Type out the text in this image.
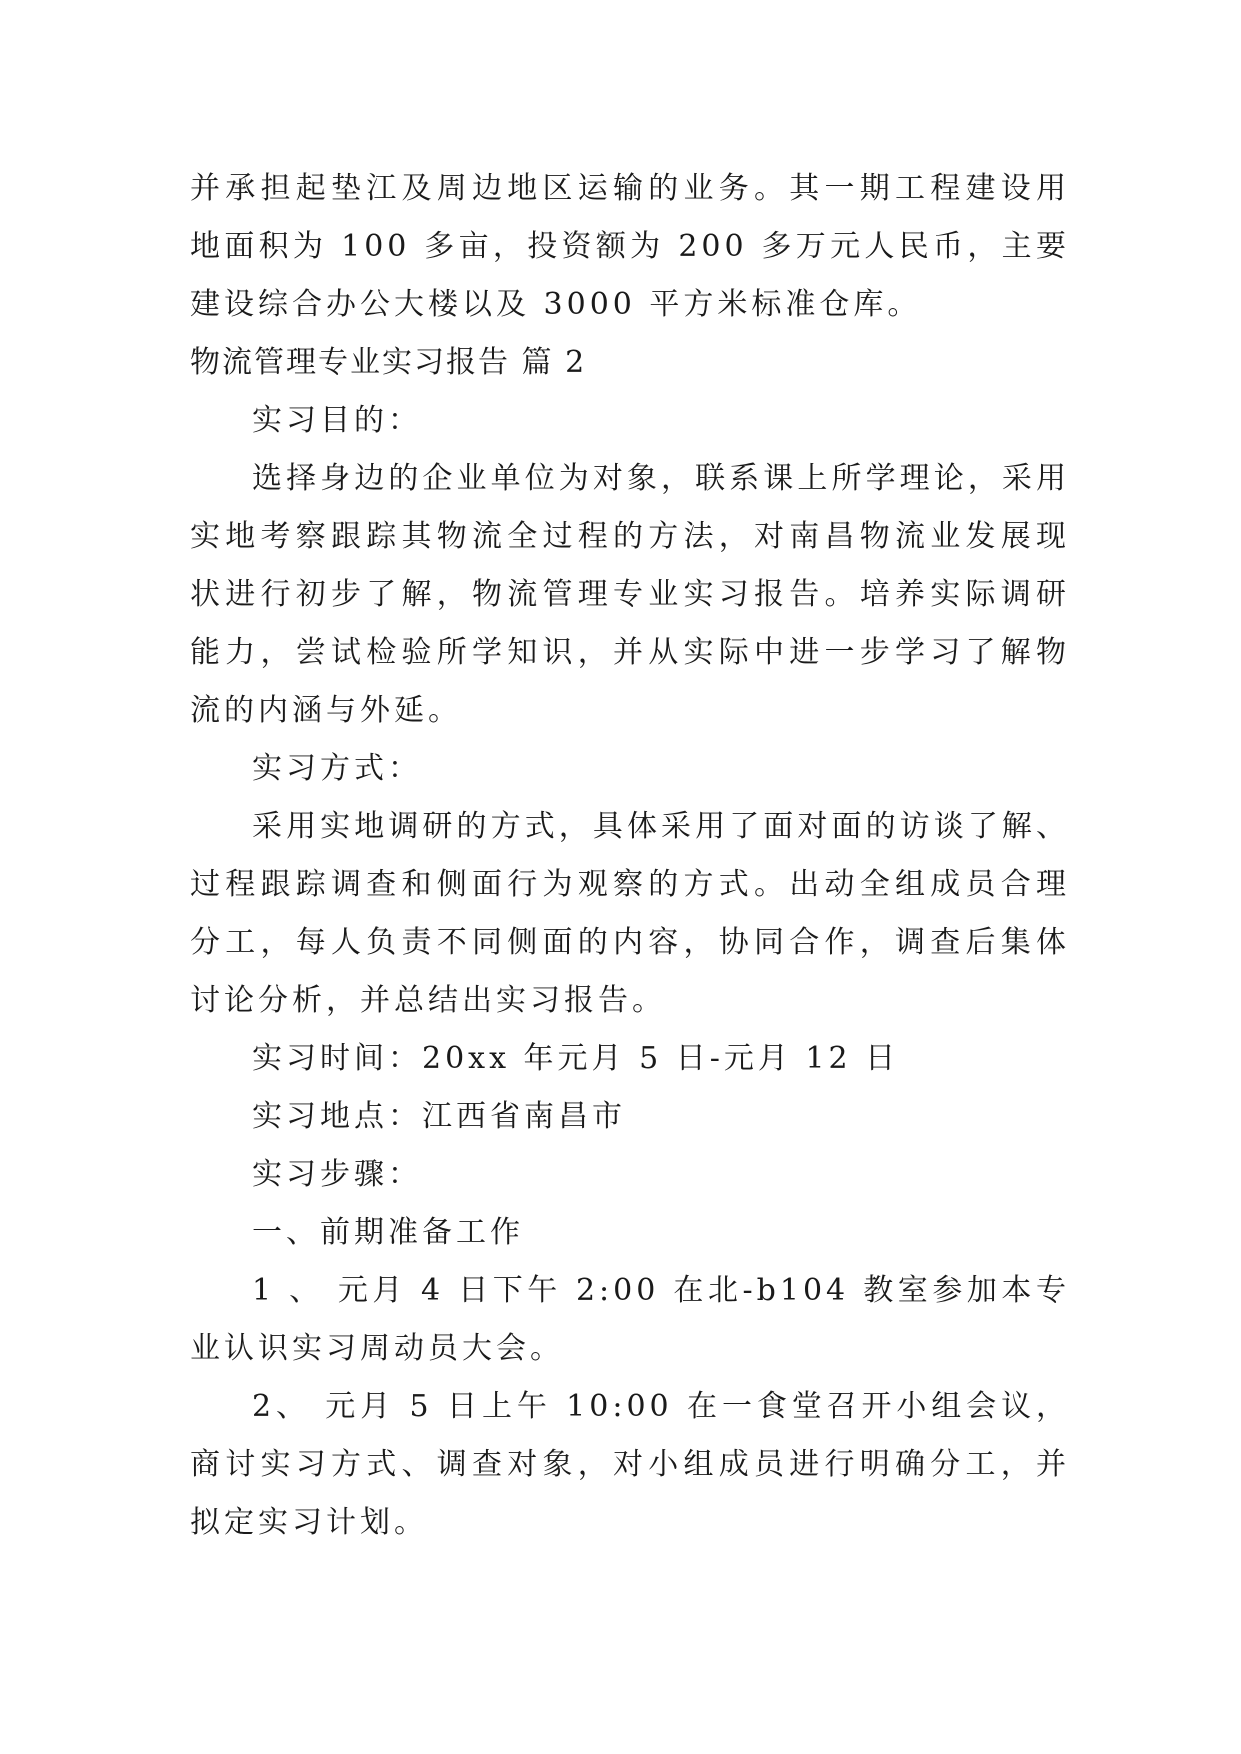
并承担起垫江及周边地区运输的业务。其一期工程建设用地面积为 100 多亩，投资额为 200 多万元人民币，主要建设综合办公大楼以及 3000 平方米标准仓库。

物流管理专业实习报告 篇 2

实习目的：

选择身边的企业单位为对象，联系课上所学理论，采用实地考察跟踪其物流全过程的方法，对南昌物流业发展现状进行初步了解，物流管理专业实习报告。培养实际调研能力，尝试检验所学知识，并从实际中进一步学习了解物流的内涵与外延。

实习方式：

采用实地调研的方式，具体采用了面对面的访谈了解、过程跟踪调查和侧面行为观察的方式。出动全组成员合理分工，每人负责不同侧面的内容，协同合作，调查后集体讨论分析，并总结出实习报告。

实习时间：20xx 年元月 5 日-元月 12 日

实习地点：江西省南昌市

实习步骤：

一、前期准备工作

1 、 元月 4 日下午 2:00 在北-b104 教室参加本专业认识实习周动员大会。

2、 元月 5 日上午 10:00 在一食堂召开小组会议，商讨实习方式、调查对象，对小组成员进行明确分工，并拟定实习计划。
